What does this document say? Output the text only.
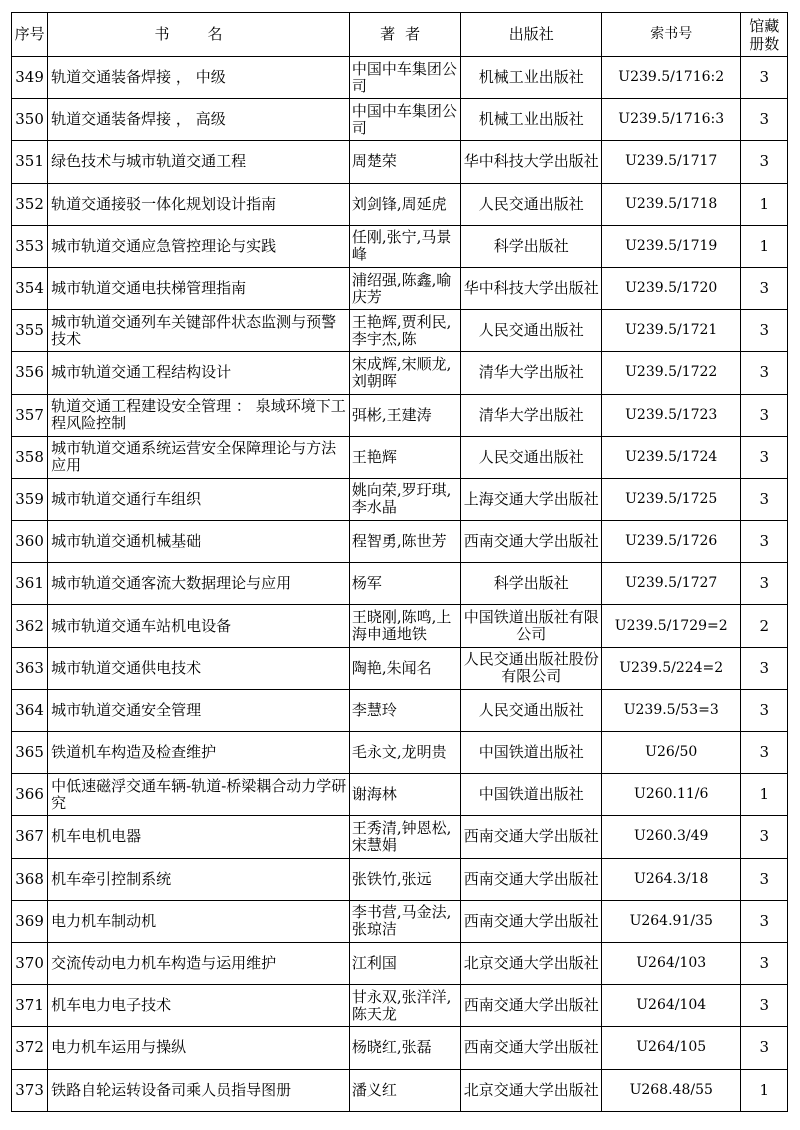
序号	书名	著者	出版社	索书号	馆藏册数

349	轨道交通装备焊接 ， 中级	中国中车集团公司	机械工业出版社	U239.5/1716:2	3

350	轨道交通装备焊接 ， 高级	中国中车集团公司	机械工业出版社	U239.5/1716:3	3

351	绿色技术与城市轨道交通工程	周楚荣	华中科技大学出版社	U239.5/1717	3

352	轨道交通接驳一体化规划设计指南	刘剑锋,周延虎	人民交通出版社	U239.5/1718	1

353	城市轨道交通应急管控理论与实践	任刚,张宁,马景峰	科学出版社	U239.5/1719	1

354	城市轨道交通电扶梯管理指南	浦绍强,陈鑫,喻庆芳	华中科技大学出版社	U239.5/1720	3

355	城市轨道交通列车关键部件状态监测与预警技术	王艳辉,贾利民,李宇杰,陈	人民交通出版社	U239.5/1721	3

356	城市轨道交通工程结构设计	宋成辉,宋顺龙,刘朝晖	清华大学出版社	U239.5/1722	3

357	轨道交通工程建设安全管理 ： 泉域环境下工程风险控制	弭彬,王建涛	清华大学出版社	U239.5/1723	3

358	城市轨道交通系统运营安全保障理论与方法应用	王艳辉	人民交通出版社	U239.5/1724	3

359	城市轨道交通行车组织	姚向荣,罗玗琪,李水晶	上海交通大学出版社	U239.5/1725	3

360	城市轨道交通机械基础	程智勇,陈世芳	西南交通大学出版社	U239.5/1726	3

361	城市轨道交通客流大数据理论与应用	杨军	科学出版社	U239.5/1727	3

362	城市轨道交通车站机电设备	王晓刚,陈鸣,上海申通地铁	中国铁道出版社有限公司	U239.5/1729=2	2

363	城市轨道交通供电技术	陶艳,朱闻名	人民交通出版社股份有限公司	U239.5/224=2	3

364	城市轨道交通安全管理	李慧玲	人民交通出版社	U239.5/53=3	3

365	铁道机车构造及检查维护	毛永文,龙明贵	中国铁道出版社	U26/50	3

366	中低速磁浮交通车辆-轨道-桥梁耦合动力学研究	谢海林	中国铁道出版社	U260.11/6	1

367	机车电机电器	王秀清,钟恩松,宋慧娟	西南交通大学出版社	U260.3/49	3

368	机车牵引控制系统	张铁竹,张远	西南交通大学出版社	U264.3/18	3

369	电力机车制动机	李书营,马金法,张琼洁	西南交通大学出版社	U264.91/35	3

370	交流传动电力机车构造与运用维护	江利国	北京交通大学出版社	U264/103	3

371	机车电力电子技术	甘永双,张洋洋,陈天龙	西南交通大学出版社	U264/104	3

372	电力机车运用与操纵	杨晓红,张磊	西南交通大学出版社	U264/105	3

373	铁路自轮运转设备司乘人员指导图册	潘义红	北京交通大学出版社	U268.48/55	1
